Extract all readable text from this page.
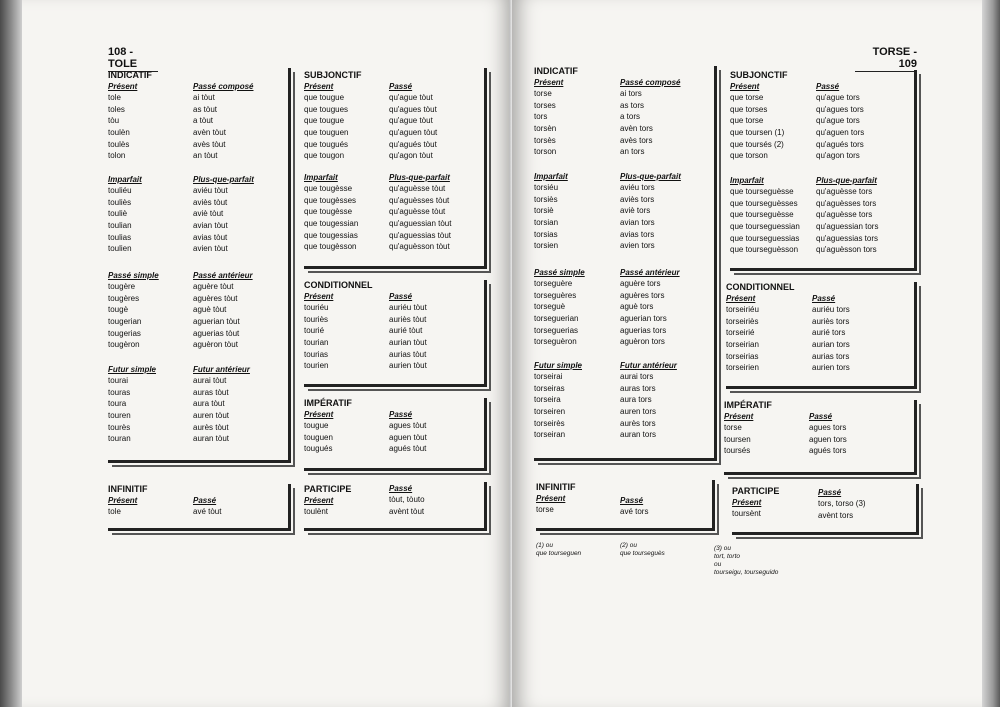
108 - TOLE
INDICATIF
Présent
tole
toles
tòu
toulèn
toulès
tolon
Passé composé
ai tòut
as tòut
a tòut
avèn tòut
avès tòut
an tòut
Imparfait
touliéu
touliès
touliè
toulian
toulias
toulien
Plus-que-parfait
aviéu tòut
aviès tòut
aviè tòut
avian tòut
avias tòut
avien tòut
Passé simple
tougère
tougères
tougè
tougerian
tougerias
tougèron
Passé antérieur
aguère tòut
aguères tòut
aguè tòut
aguerian tòut
aguerias tòut
aguèron tòut
Futur simple
tourai
touras
toura
touren
tourès
touran
Futur antérieur
aurai tòut
auras tòut
aura tòut
auren tòut
aurès tòut
auran tòut
SUBJONCTIF
Présent
que tougue
que tougues
que tougue
que touguen
que tougués
que tougon
Passé
qu'ague tòut
qu'agues tòut
qu'ague tòut
qu'aguen tòut
qu'agués tòut
qu'agon tòut
Imparfait
que tougèsse
que tougèsses
que tougèsse
que tougessian
que tougessias
que tougèsson
Plus-que-parfait
qu'aguèsse tòut
qu'aguèsses tòut
qu'aguèsse tòut
qu'aguessian tòut
qu'aguessias tòut
qu'aguèsson tòut
CONDITIONNEL
Présent
touriéu
touriès
tourié
tourian
tourias
tourien
Passé
auriéu tòut
auriès tòut
aurié tòut
aurian tòut
aurias tòut
aurien tòut
IMPÉRATIF
Présent
tougue
touguen
tougués
Passé
agues tòut
aguen tòut
agués tòut
INFINITIF
Présent
tole
Passé
avé tòut
PARTICIPE
Présent
toulènt
Passé
tòut, tòuto
avènt tòut
TORSE - 109
INDICATIF
Présent
torse
torses
tors
torsèn
torsès
torson
Passé composé
ai tors
as tors
a tors
avèn tors
avès tors
an tors
Imparfait
torsiéu
torsiès
torsiè
torsian
torsias
torsien
Plus-que-parfait
aviéu tors
aviès tors
aviè tors
avian tors
avias tors
avien tors
Passé simple
torseguère
torseguères
torseguè
torseguerian
torseguerias
torseguèron
Passé antérieur
aguère tors
aguères tors
aguè tors
aguerian tors
aguerias tors
aguèron tors
Futur simple
torseirai
torseiras
torseira
torseiren
torseirès
torseiran
Futur antérieur
aurai tors
auras tors
aura tors
auren tors
aurès tors
auran tors
SUBJONCTIF
Présent
que torse
que torses
que torse
que toursen (1)
que toursés (2)
que torson
Passé
qu'ague tors
qu'agues tors
qu'ague tors
qu'aguen tors
qu'agués tors
qu'agon tors
Imparfait
que tourseguèsse
que tourseguèsses
que tourseguèsse
que tourseguessian
que tourseguessias
que tourseguèsson
Plus-que-parfait
qu'aguèsse tors
qu'aguèsses tors
qu'aguèsse tors
qu'aguessian tors
qu'aguessias tors
qu'aguèsson tors
CONDITIONNEL
Présent
torseiriéu
torseiriès
torseirié
torseirian
torseirias
torseirien
Passé
auriéu tors
auriès tors
aurié tors
aurian tors
aurias tors
aurien tors
IMPÉRATIF
Présent
torse
toursen
toursés
Passé
agues tors
aguen tors
agués tors
INFINITIF
Présent
torse
Passé
avé tors
PARTICIPE
Présent
toursènt
Passé
tors, torso (3)
avènt tors
(1) ou
que tourseguen
(2) ou
que tourseguès
(3) ou
tort, torto
ou
tourseigu, tourseguido
